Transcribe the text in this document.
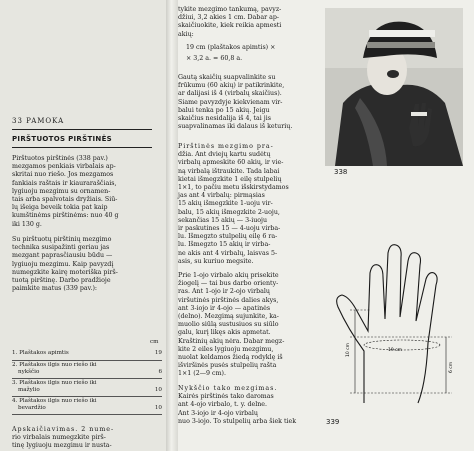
33 PAMOKA
PIRŠTUOTOS PIRŠTINĖS
Pirštuotos pirštinės (338 pav.)
mezgamos penkiais virbalais ap-
skritai nuo riešo. Jos mezgamos
fankiais raštais ir kiauraraščiais,
lygiuoju mezgimu su ornamen-
tais arba spalvotais dryžiais. Siū-
lų išeiga beveik tokia pat kaip
kumštinėms pirštinėms: nuo 40 g
iki 130 g.
Su pirštuotų pirštinių mezgimo
technika susipažinti geriau jas
mezgant paprasčiausiu būdu —
lygiuoju mezgimu. Kaip pavyzdį
numegzkite kairę moteriška pirš-
tuotą pirštinę. Darbo pradžioje
paimkite matus (339 pav.):
cm
1. Plaštakos apimtis	19
2. Plaštakos ilgis nuo riešo iki
nykščio	6
3. Plaštakos ilgis nuo riešo iki
mažylio	10
4. Plaštakos ilgis nuo riešo iki
bevardžio	10
Apskaičiavimas. 2 nume-
rio virbalais numegzkite pirš-
tinę lygiuoju mezgimu ir nusta-
tykite mezgimo tankumą, pavyz-
džiui, 3,2 akies 1 cm. Dabar ap-
skaičiuokite, kiek reikia apmesti
akių:
19 cm (plaštakos apimtis) ×
× 3,2 a. = 60,8 a.
Gautą skaičių suapvalinkite su
frūkumu (60 akių) ir patikrinkite,
ar dalijasi iš 4 (virbalų skaičius).
Siame pavyzdyje kiekvienam vir-
balui tenka po 15 akių. Jeigu
skaičius nesidalija iš 4, tai jis
suapvalinamas iki dalaus iš keturių.
Pirštinės mezgimo pra-
džia. Ant dviejų kartu sudėtų
virbalų apmeskite 60 akių, ir vie-
ną virbalą ištraukite. Tada labai
kietai išmegzkite 1 eilę stulpelių
1×1, to pačiu metu išskirstydamos
jas ant 4 virbalų: pirmąsias
15 akių išmegzkite 1-uoju vir-
balu, 15 akių išmegzkite 2-uoju,
sekančias 15 akių — 3-iuoju
ir paskutines 15 — 4-uoju virba-
lu. Išmegzto stulpelių eilę 6 ra-
lu. Išmegzto 15 akių ir virba-
ne akis ant 4 virbalų, laisvas 5-
asis, su kuriuo megsite.
Prie 1-ojo virbalo akių prisekite
žiogelį — tai bus darbo orienty-
ras. Ant 1-ojo ir 2-ojo virbalų
viršutinės pirštinės dalies akys,
ant 3-iojo ir 4-ojo — apatinės
(delno). Mezgimą sujunkite, ka-
muolio siūlą sustusiuos su siūlo
galu, kurį likęs akis apmetat.
Kraštinių akių nėra. Dabar megz-
kite 2 eiles lygiuoju mezgimu,
nuolat keldamos žiedą rodyklę iš
išviršinės pusės stulpelių rašta
1×1 (2—9 cm).
Nykščio tako mezgimas.
Kairės pirštinės tako daromas
ant 4-ojo virbalo, t. y. delne.
Ant 3-iojo ir 4-ojo virbalų
nuo 3-iojo. To stulpelių arba šiek tiek
338
10 cm
6 cm
19 cm
339
